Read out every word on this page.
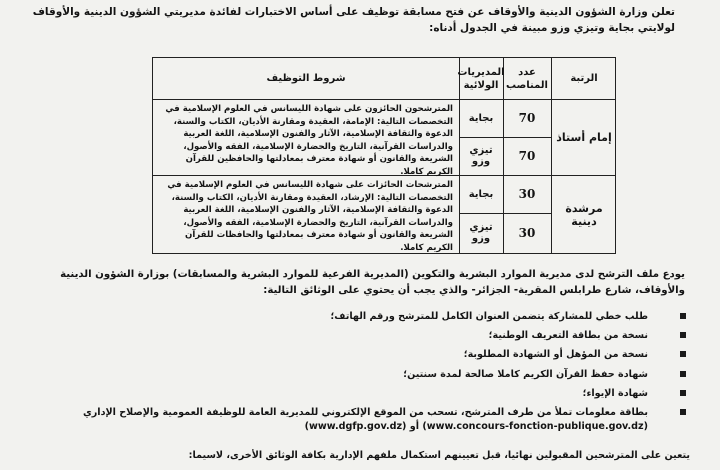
تعلن وزارة الشؤون الدينية والأوقاف عن فتح مسابقة توظيف على أساس الاختبارات لفائدة مديريتي الشؤون الدينية والأوقاف
لولايتي بجاية وتيزي وزو مبينة في الجدول أدناه:
الرتبة
عدد المناصب
المديريات الولائية
شروط التوظيف
إمام أستاذ
70
بجاية
70
تيزي وزو
المترشحون الحائزون على شهادة الليسانس في العلوم الإسلامية في التخصصات التالية: الإمامة، العقيدة ومقارنة الأديان، الكتاب والسنة، الدعوة والثقافة الإسلامية، الآثار والفنون الإسلامية، اللغة العربية والدراسات القرآنية، التاريخ والحضارة الإسلامية، الفقه والأصول، الشريعة والقانون أو شهادة معترف بمعادلتها والحافظين للقرآن الكريم كاملا.
مرشدة دينية
30
بجاية
30
تيزي وزو
المترشحات الحائزات على شهادة الليسانس في العلوم الإسلامية في التخصصات التالية: الإرشاد، العقيدة ومقارنة الأديان، الكتاب والسنة، الدعوة والثقافة الإسلامية، الآثار والفنون الإسلامية، اللغة العربية والدراسات القرآنية، التاريخ والحضارة الإسلامية، الفقه والأصول، الشريعة والقانون أو شهادة معترف بمعادلتها والحافظات للقرآن الكريم كاملا.
يودع ملف الترشح لدى مديرية الموارد البشرية والتكوين (المديرية الفرعية للموارد البشرية والمسابقات) بوزارة الشؤون الدينية
والأوقاف، شارع طرابلس المقرية- الجزائر- والذي يجب أن يحتوي على الوثائق التالية:
طلب خطي للمشاركة يتضمن العنوان الكامل للمترشح ورقم الهاتف؛
نسخة من بطاقة التعريف الوطنية؛
نسخة من المؤهل أو الشهادة المطلوبة؛
شهادة حفظ القرآن الكريم كاملا صالحة لمدة سنتين؛
شهادة الإيواء؛
بطاقة معلومات تملأ من طرف المترشح، تسحب من الموقع الإلكتروني للمديرية العامة للوظيفة العمومية والإصلاح الإداري
(www.concours-fonction-publique.gov.dz) أو (www.dgfp.gov.dz)
يتعين على المترشحين المقبولين نهائيا، قبل تعيينهم استكمال ملفهم الإدارية بكافة الوثائق الأخرى، لاسيما:
